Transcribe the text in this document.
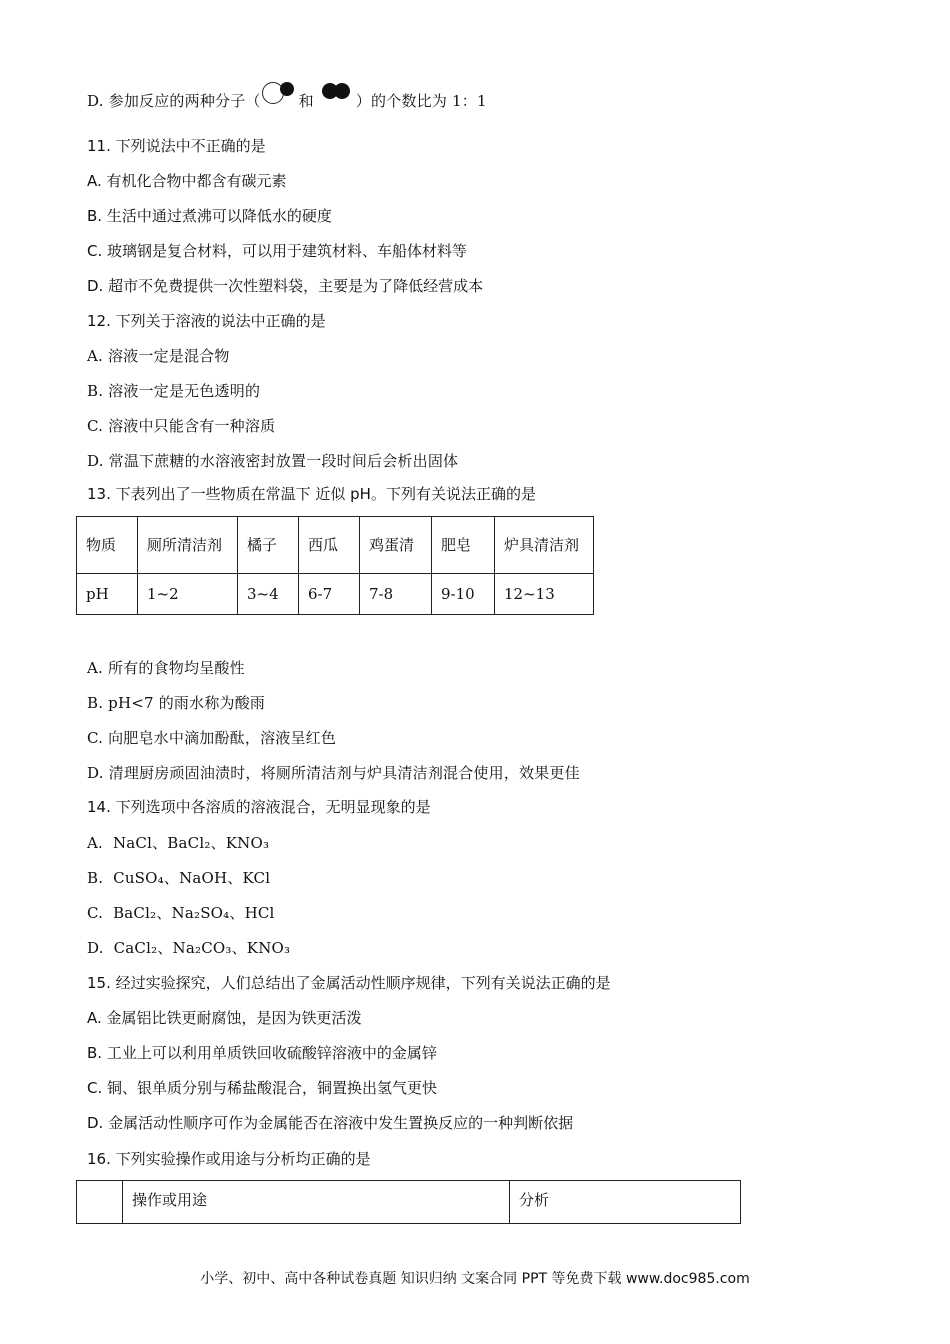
D. 参加反应的两种分子（	和	）的个数比为 1：1
11. 下列说法中不正确的是
A. 有机化合物中都含有碳元素
B. 生活中通过煮沸可以降低水的硬度
C. 玻璃钢是复合材料，可以用于建筑材料、车船体材料等
D. 超市不免费提供一次性塑料袋，主要是为了降低经营成本
12. 下列关于溶液的说法中正确的是
A. 溶液一定是混合物
B. 溶液一定是无色透明的
C. 溶液中只能含有一种溶质
D. 常温下蔗糖的水溶液密封放置一段时间后会析出固体
13. 下表列出了一些物质在常温下 近似 pH。下列有关说法正确的是
物质	厕所清洁剂	橘子	西瓜	鸡蛋清	肥皂	炉具清洁剂
pH	1~2	3~4	6-7	7-8	9-10	12~13
A. 所有的食物均呈酸性
B. pH<7 的雨水称为酸雨
C. 向肥皂水中滴加酚酞，溶液呈红色
D. 清理厨房顽固油渍时，将厕所清洁剂与炉具清洁剂混合使用，效果更佳
14. 下列选项中各溶质的溶液混合，无明显现象的是
A. NaCl、BaCl₂、KNO₃
B. CuSO₄、NaOH、KCl
C. BaCl₂、Na₂SO₄、HCl
D. CaCl₂、Na₂CO₃、KNO₃
15. 经过实验探究，人们总结出了金属活动性顺序规律，下列有关说法正确的是
A. 金属铝比铁更耐腐蚀，是因为铁更活泼
B. 工业上可以利用单质铁回收硫酸锌溶液中的金属锌
C. 铜、银单质分别与稀盐酸混合，铜置换出氢气更快
D. 金属活动性顺序可作为金属能否在溶液中发生置换反应的一种判断依据
16. 下列实验操作或用途与分析均正确的是
	操作或用途	分析
小学、初中、高中各种试卷真题 知识归纳 文案合同 PPT 等免费下载 www.doc985.com
